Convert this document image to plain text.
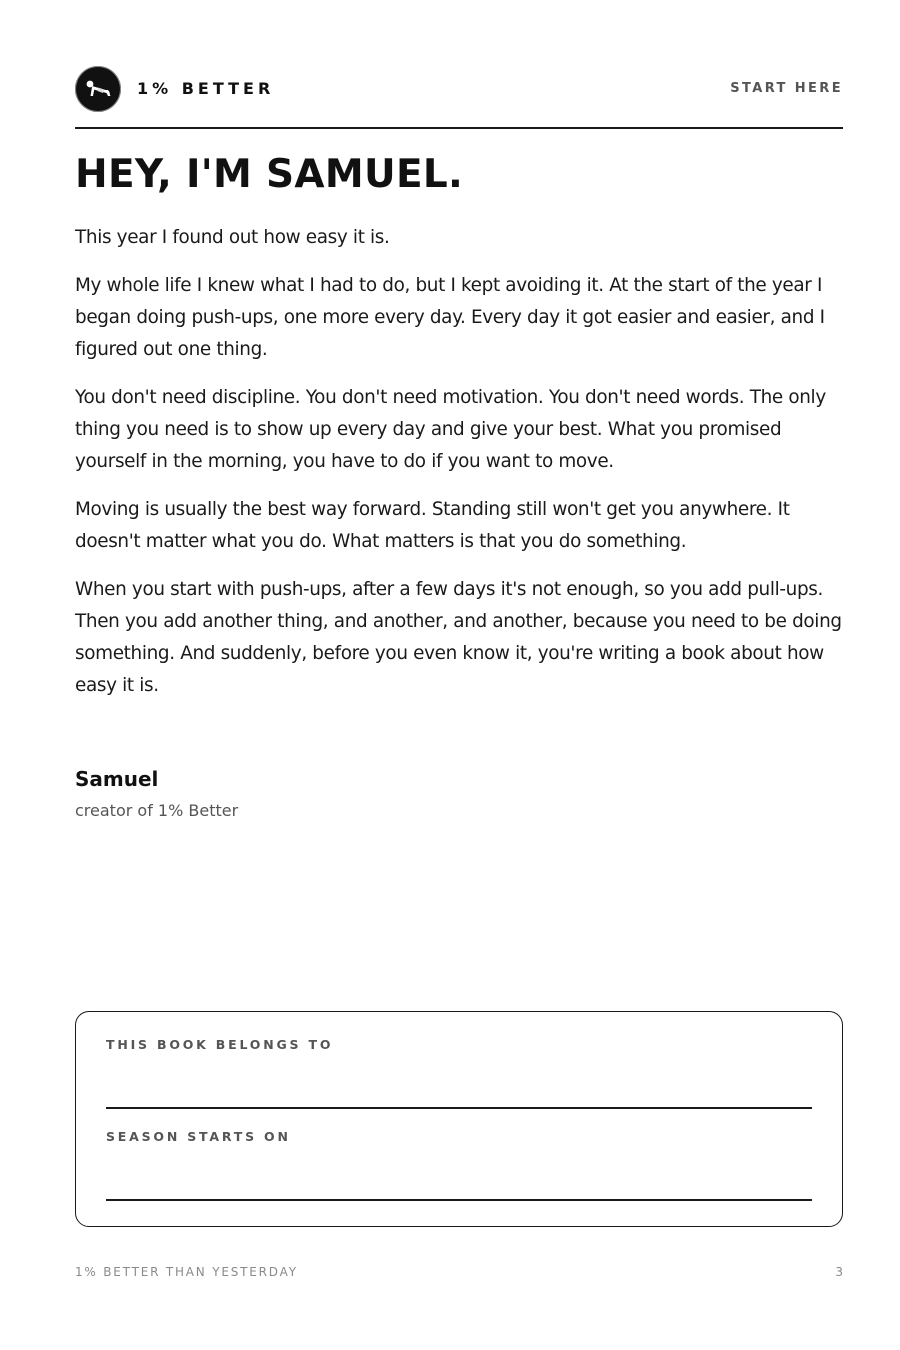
1% BETTER	START HERE
HEY, I'M SAMUEL.

This year I found out how easy it is.

My whole life I knew what I had to do, but I kept avoiding it. At the start of the year I began doing push-ups, one more every day. Every day it got easier and easier, and I figured out one thing.

You don't need discipline. You don't need motivation. You don't need words. The only thing you need is to show up every day and give your best. What you promised yourself in the morning, you have to do if you want to move.

Moving is usually the best way forward. Standing still won't get you anywhere. It doesn't matter what you do. What matters is that you do something.

When you start with push-ups, after a few days it's not enough, so you add pull-ups. Then you add another thing, and another, and another, because you need to be doing something. And suddenly, before you even know it, you're writing a book about how easy it is.

Samuel
creator of 1% Better
THIS BOOK BELONGS TO
SEASON STARTS ON
1% BETTER THAN YESTERDAY	3
